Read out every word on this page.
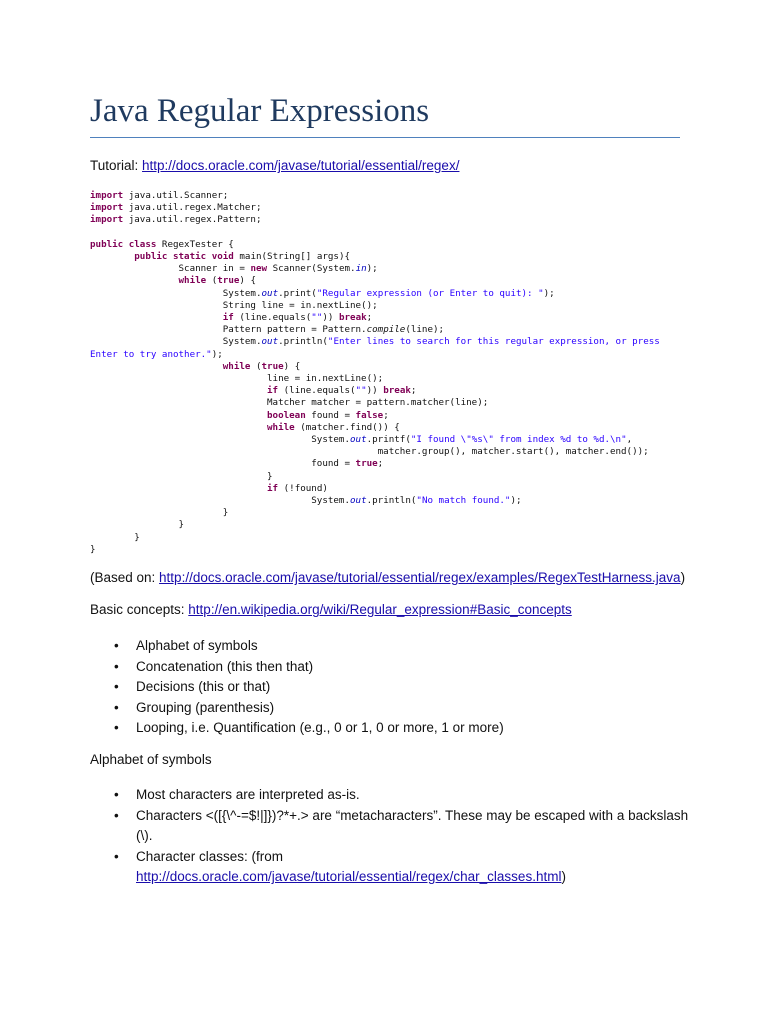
Java Regular Expressions
Tutorial: http://docs.oracle.com/javase/tutorial/essential/regex/
import java.util.Scanner;
import java.util.regex.Matcher;
import java.util.regex.Pattern;

public class RegexTester {
public static void main(String[] args){
Scanner in = new Scanner(System.in);
while (true) {
System.out.print("Regular expression (or Enter to quit): ");
String line = in.nextLine();
if (line.equals("")) break;
Pattern pattern = Pattern.compile(line);
System.out.println("Enter lines to search for this regular expression, or press
Enter to try another.");
while (true) {
line = in.nextLine();
if (line.equals("")) break;
Matcher matcher = pattern.matcher(line);
boolean found = false;
while (matcher.find()) {
System.out.printf("I found \"%s\" from index %d to %d.\n",
matcher.group(), matcher.start(), matcher.end());
found = true;
}
if (!found)
System.out.println("No match found.");
}
}
}
}
(Based on: http://docs.oracle.com/javase/tutorial/essential/regex/examples/RegexTestHarness.java)
Basic concepts: http://en.wikipedia.org/wiki/Regular_expression#Basic_concepts
• Alphabet of symbols
• Concatenation (this then that)
• Decisions (this or that)
• Grouping (parenthesis)
• Looping, i.e. Quantification (e.g., 0 or 1, 0 or more, 1 or more)
Alphabet of symbols
• Most characters are interpreted as-is.
• Characters <([{\^-=$!|]})?*+.> are “metacharacters”. These may be escaped with a backslash
(\).
• Character classes: (from
http://docs.oracle.com/javase/tutorial/essential/regex/char_classes.html)
